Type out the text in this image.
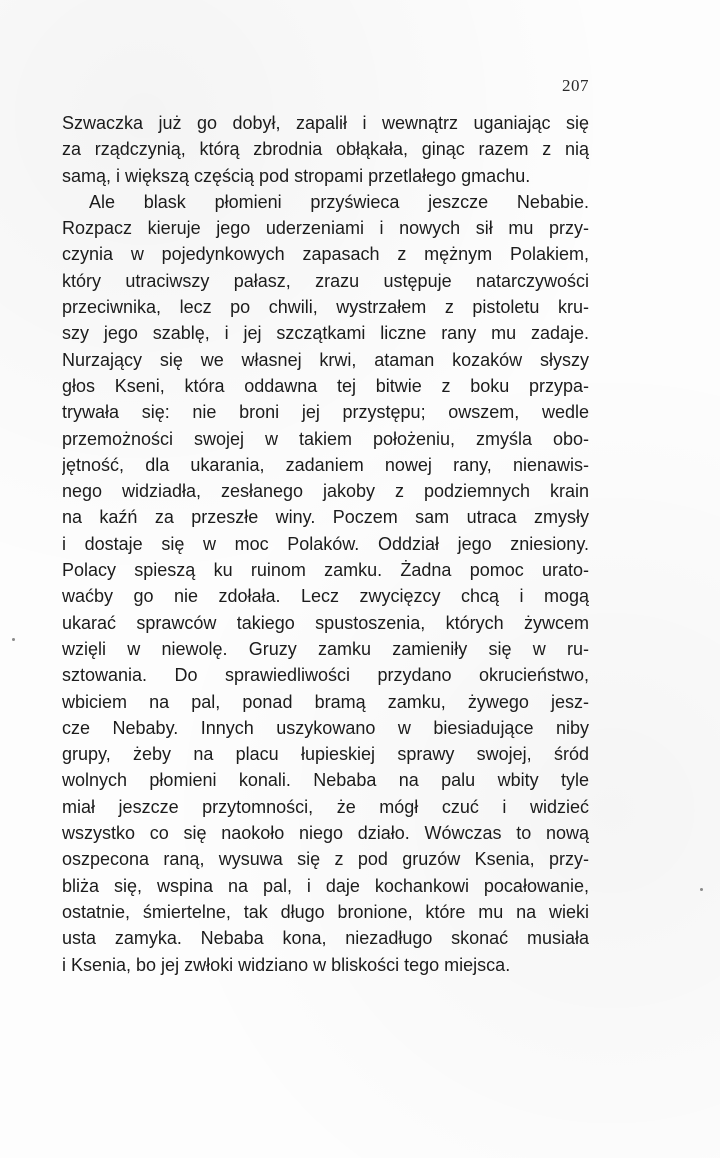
207
Szwaczka już go dobył, zapalił i wewnątrz uganiając się
za rządczynią, którą zbrodnia obłąkała, ginąc razem z nią
samą, i większą częścią pod stropami przetlałego gmachu.
Ale blask płomieni przyświeca jeszcze Nebabie.
Rozpacz kieruje jego uderzeniami i nowych sił mu przy-
czynia w pojedynkowych zapasach z mężnym Polakiem,
który utraciwszy pałasz, zrazu ustępuje natarczywości
przeciwnika, lecz po chwili, wystrzałem z pistoletu kru-
szy jego szablę, i jej szczątkami liczne rany mu zadaje.
Nurzający się we własnej krwi, ataman kozaków słyszy
głos Kseni, która oddawna tej bitwie z boku przypa-
trywała się: nie broni jej przystępu; owszem, wedle
przemożności swojej w takiem położeniu, zmyśla obo-
jętność, dla ukarania, zadaniem nowej rany, nienawis-
nego widziadła, zesłanego jakoby z podziemnych krain
na kaźń za przeszłe winy. Poczem sam utraca zmysły
i dostaje się w moc Polaków. Oddział jego zniesiony.
Polacy spieszą ku ruinom zamku. Żadna pomoc urato-
waćby go nie zdołała. Lecz zwycięzcy chcą i mogą
ukarać sprawców takiego spustoszenia, których żywcem
wzięli w niewolę. Gruzy zamku zamieniły się w ru-
sztowania. Do sprawiedliwości przydano okrucieństwo,
wbiciem na pal, ponad bramą zamku, żywego jesz-
cze Nebaby. Innych uszykowano w biesiadujące niby
grupy, żeby na placu łupieskiej sprawy swojej, śród
wolnych płomieni konali. Nebaba na palu wbity tyle
miał jeszcze przytomności, że mógł czuć i widzieć
wszystko co się naokoło niego działo. Wówczas to nową
oszpecona raną, wysuwa się z pod gruzów Ksenia, przy-
bliża się, wspina na pal, i daje kochankowi pocałowanie,
ostatnie, śmiertelne, tak długo bronione, które mu na wieki
usta zamyka. Nebaba kona, niezadługo skonać musiała
i Ksenia, bo jej zwłoki widziano w bliskości tego miejsca.
